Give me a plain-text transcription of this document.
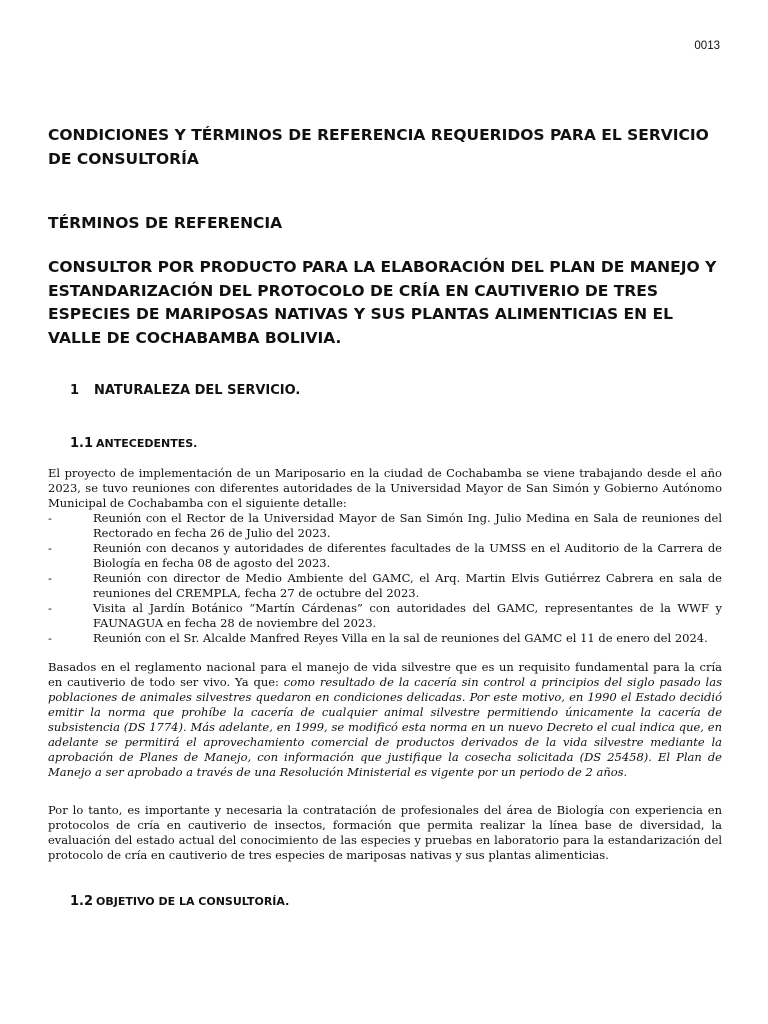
0013
CONDICIONES Y TÉRMINOS DE REFERENCIA REQUERIDOS PARA EL SERVICIO DE CONSULTORÍA
TÉRMINOS DE REFERENCIA
CONSULTOR POR PRODUCTO PARA LA ELABORACIÓN DEL PLAN DE MANEJO Y ESTANDARIZACIÓN DEL PROTOCOLO DE CRÍA EN CAUTIVERIO DE TRES ESPECIES DE MARIPOSAS NATIVAS Y SUS PLANTAS ALIMENTICIAS EN EL VALLE DE COCHABAMBA BOLIVIA.
1 NATURALEZA DEL SERVICIO.
1.1 ANTECEDENTES.
El proyecto de implementación de un Mariposario en la ciudad de Cochabamba se viene trabajando desde el año 2023, se tuvo reuniones con diferentes autoridades de la Universidad Mayor de San Simón y Gobierno Autónomo Municipal de Cochabamba con el siguiente detalle:
-	Reunión con el Rector de la Universidad Mayor de San Simón Ing. Julio Medina en Sala de reuniones del Rectorado en fecha 26 de Julio del 2023.
-	Reunión con decanos y autoridades de diferentes facultades de la UMSS en el Auditorio de la Carrera de Biología en fecha 08 de agosto del 2023.
-	Reunión con director de Medio Ambiente del GAMC, el Arq. Martin Elvis Gutiérrez Cabrera en sala de reuniones del CREMPLA, fecha 27 de octubre del 2023.
-	Visita al Jardín Botánico “Martín Cárdenas” con autoridades del GAMC, representantes de la WWF y FAUNAGUA en fecha 28 de noviembre del 2023.
-	Reunión con el Sr. Alcalde Manfred Reyes Villa en la sal de reuniones del GAMC el 11 de enero del 2024.

Basados en el reglamento nacional para el manejo de vida silvestre que es un requisito fundamental para la cría en cautiverio de todo ser vivo. Ya que: como resultado de la cacería sin control a principios del siglo pasado las poblaciones de animales silvestres quedaron en condiciones delicadas. Por este motivo, en 1990 el Estado decidió emitir la norma que prohíbe la cacería de cualquier animal silvestre permitiendo únicamente la cacería de subsistencia (DS 1774). Más adelante, en 1999, se modificó esta norma en un nuevo Decreto el cual indica que, en adelante se permitirá el aprovechamiento comercial de productos derivados de la vida silvestre mediante la aprobación de Planes de Manejo, con información que justifique la cosecha solicitada (DS 25458). El Plan de Manejo a ser aprobado a través de una Resolución Ministerial es vigente por un periodo de 2 años.

Por lo tanto, es importante y necesaria la contratación de profesionales del área de Biología con experiencia en protocolos de cría en cautiverio de insectos, formación que permita realizar la línea base de diversidad, la evaluación del estado actual del conocimiento de las especies y pruebas en laboratorio para la estandarización del protocolo de cría en cautiverio de tres especies de mariposas nativas y sus plantas alimenticias.

1.2 OBJETIVO DE LA CONSULTORÍA.
